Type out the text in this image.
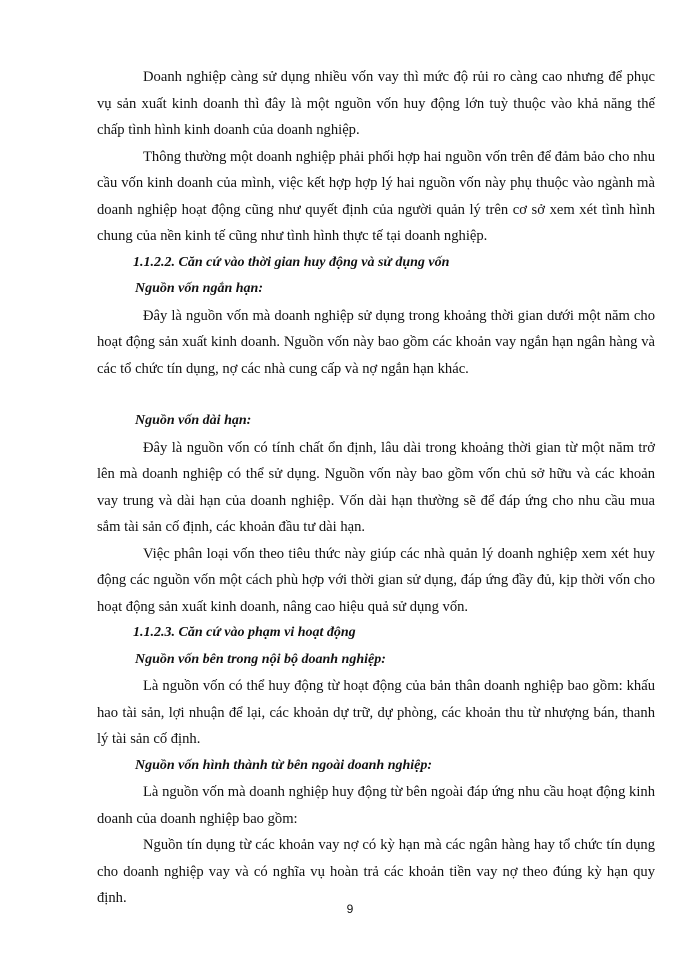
Doanh nghiệp càng sử dụng nhiều vốn vay thì mức độ rủi ro càng cao nhưng để phục vụ sản xuất kinh doanh thì đây là một nguồn vốn huy động lớn tuỳ thuộc vào khả năng thế chấp tình hình kinh doanh của doanh nghiệp.

Thông thường một doanh nghiệp phải phối hợp hai nguồn vốn trên để đảm bảo cho nhu cầu vốn kinh doanh của mình, việc kết hợp hợp lý hai nguồn vốn này phụ thuộc vào ngành mà doanh nghiệp hoạt động cũng như quyết định của người quản lý trên cơ sở xem xét tình hình chung của nền kinh tế cũng như tình hình thực tế tại doanh nghiệp.

1.1.2.2. Căn cứ vào thời gian huy động và sử dụng vốn

Nguồn vốn ngắn hạn:

Đây là nguồn vốn mà doanh nghiệp sử dụng trong khoảng thời gian dưới một năm cho hoạt động sản xuất kinh doanh. Nguồn vốn này bao gồm các khoản vay ngắn hạn ngân hàng và các tổ chức tín dụng, nợ các nhà cung cấp và nợ ngắn hạn khác.

Nguồn vốn dài hạn:

Đây là nguồn vốn có tính chất ổn định, lâu dài trong khoảng thời gian từ một năm trở lên mà doanh nghiệp có thể sử dụng. Nguồn vốn này bao gồm vốn chủ sở hữu và các khoản vay trung và dài hạn của doanh nghiệp. Vốn dài hạn thường sẽ để đáp ứng cho nhu cầu mua sắm tài sản cố định, các khoản đầu tư dài hạn.

Việc phân loại vốn theo tiêu thức này giúp các nhà quản lý doanh nghiệp xem xét huy động các nguồn vốn một cách phù hợp với thời gian sử dụng, đáp ứng đầy đủ, kịp thời vốn cho hoạt động sản xuất kinh doanh, nâng cao hiệu quả sử dụng vốn.

1.1.2.3. Căn cứ vào phạm vi hoạt động

Nguồn vốn bên trong nội bộ doanh nghiệp:

Là nguồn vốn có thể huy động từ hoạt động của bản thân doanh nghiệp bao gồm: khấu hao tài sản, lợi nhuận để lại, các khoản dự trữ, dự phòng, các khoản thu từ nhượng bán, thanh lý tài sản cố định.

Nguồn vốn hình thành từ bên ngoài doanh nghiệp:

Là nguồn vốn mà doanh nghiệp huy động từ bên ngoài đáp ứng nhu cầu hoạt động kinh doanh của doanh nghiệp bao gồm:

Nguồn tín dụng từ các khoản vay nợ có kỳ hạn mà các ngân hàng hay tổ chức tín dụng cho doanh nghiệp vay và có nghĩa vụ hoàn trả các khoản tiền vay nợ theo đúng kỳ hạn quy định.

9
